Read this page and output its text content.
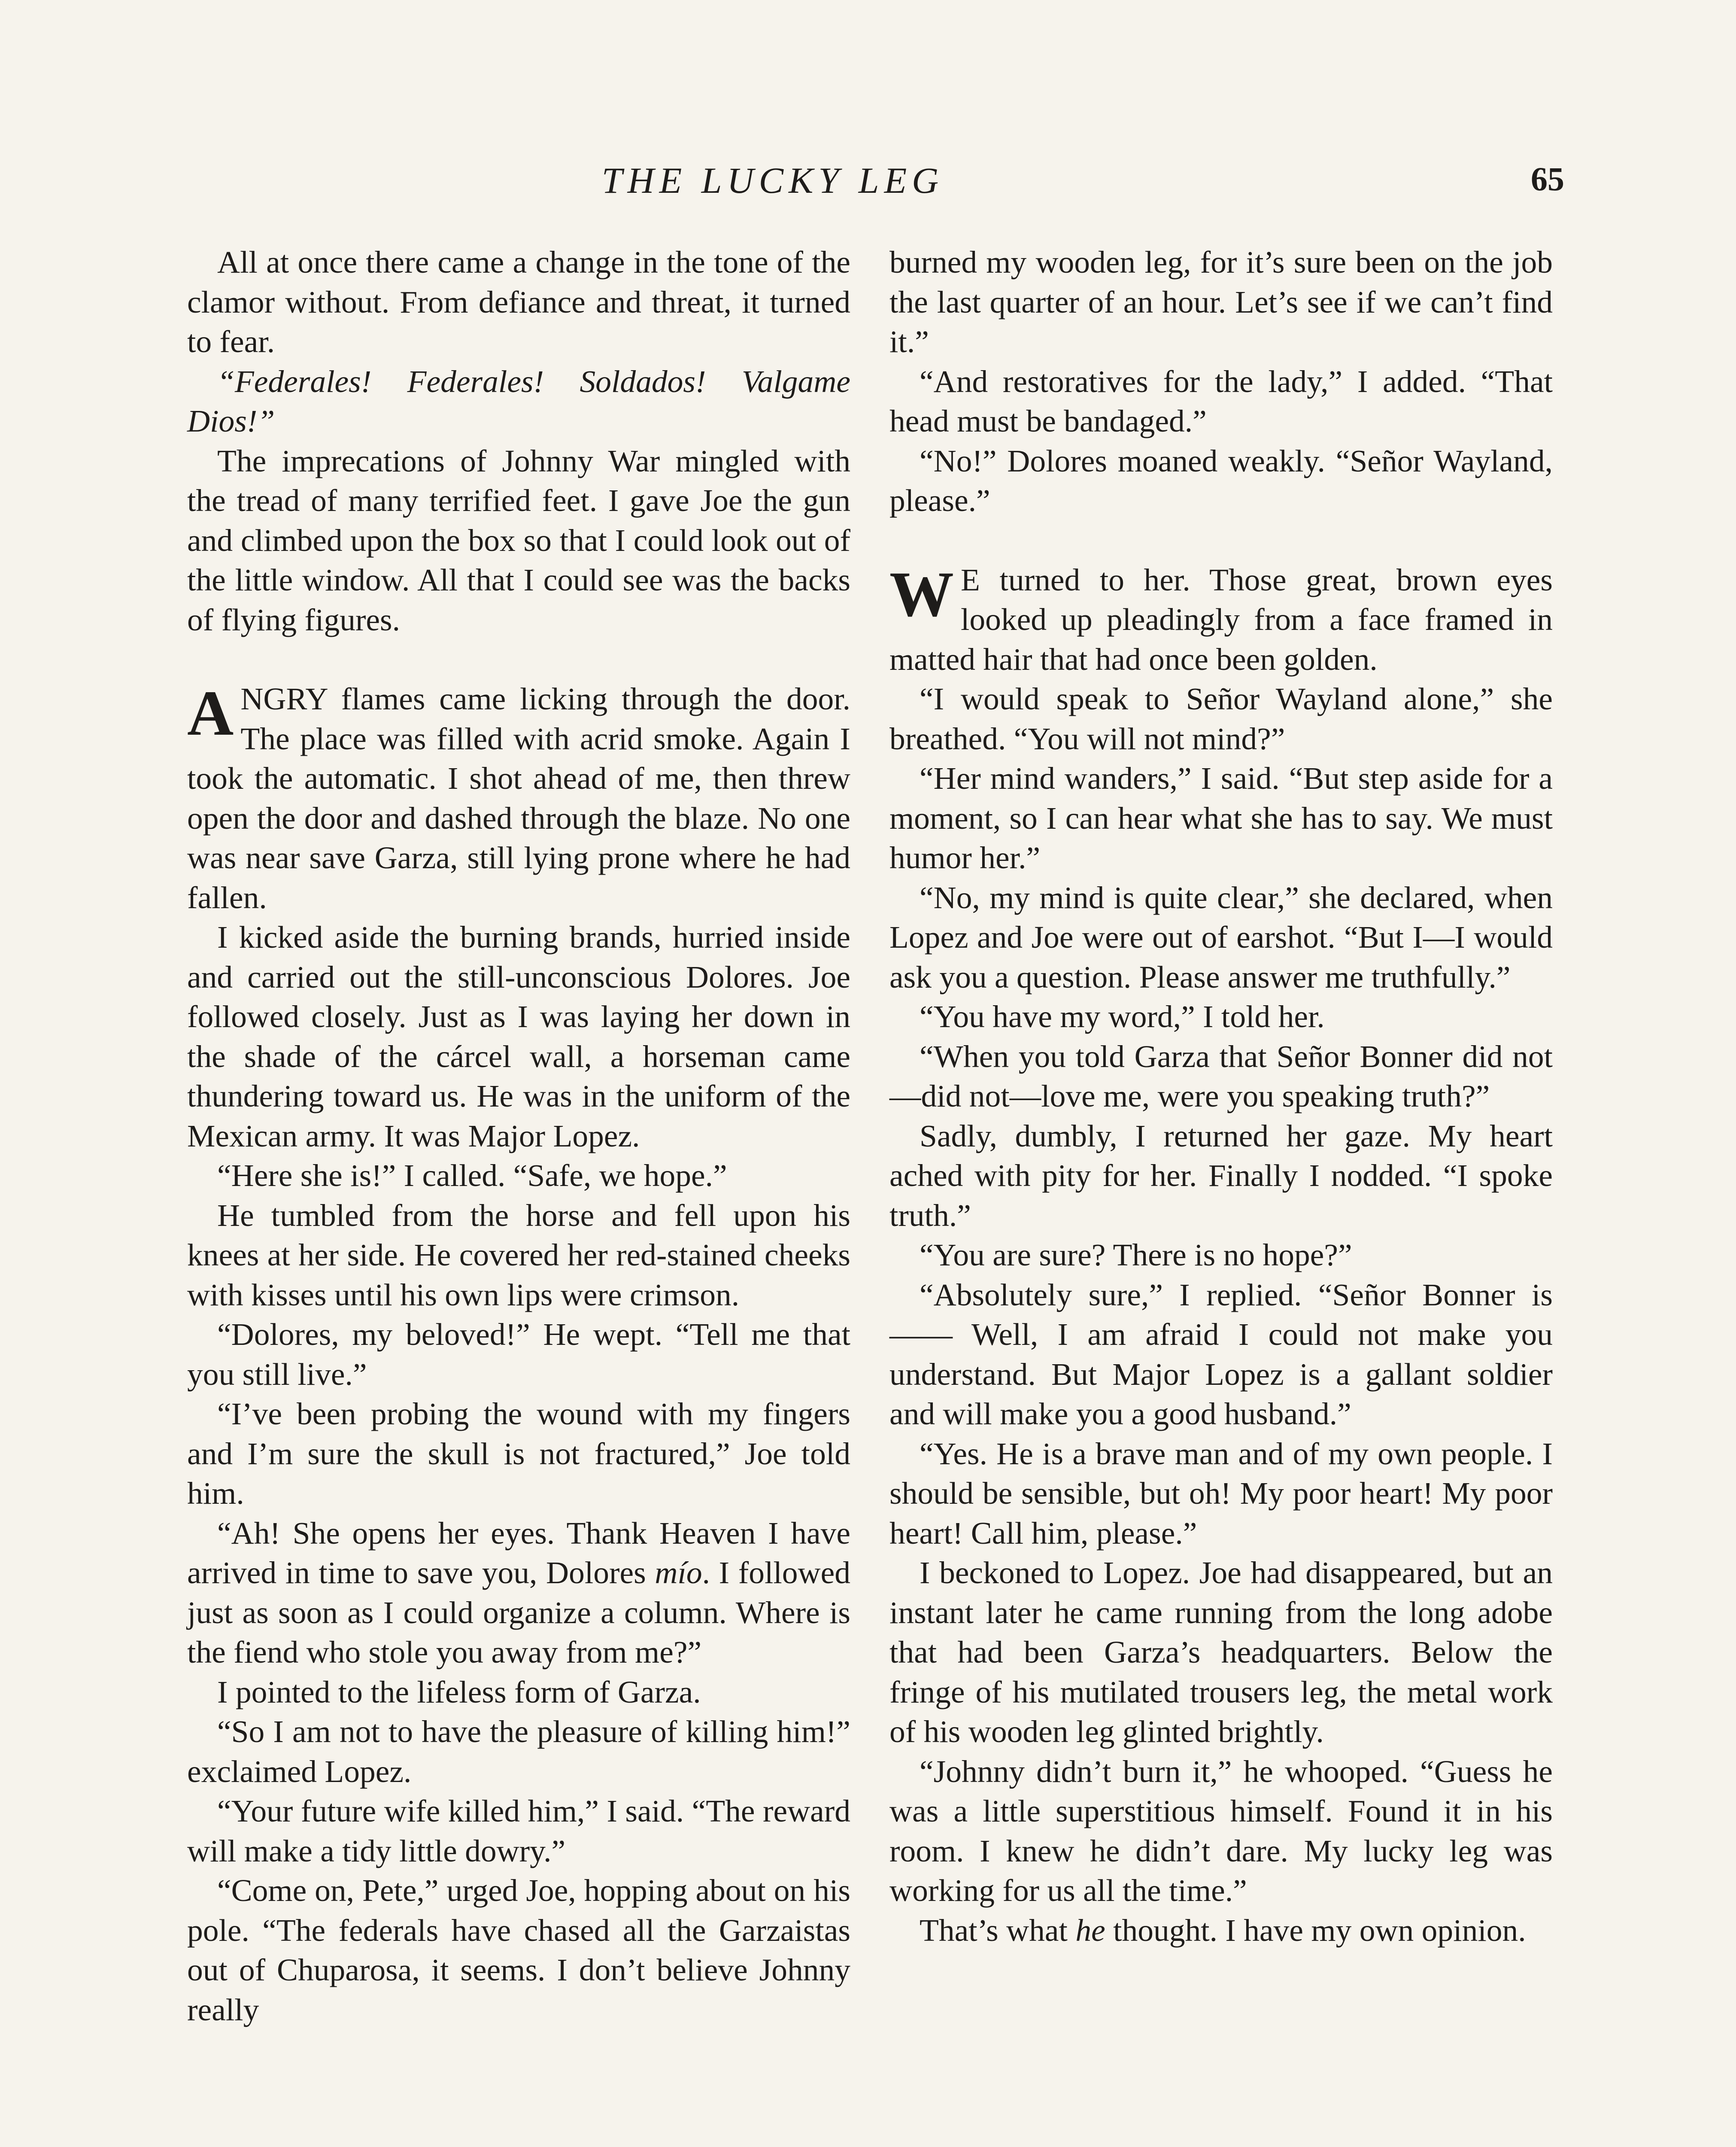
THE LUCKY LEG	65

All at once there came a change in the tone of the clamor without. From defiance and threat, it turned to fear.

“Federales! Federales! Soldados! Valgame Dios!”

The imprecations of Johnny War mingled with the tread of many terrified feet. I gave Joe the gun and climbed upon the box so that I could look out of the little window. All that I could see was the backs of flying figures.

ANGRY flames came licking through the door. The place was filled with acrid smoke. Again I took the automatic. I shot ahead of me, then threw open the door and dashed through the blaze. No one was near save Garza, still lying prone where he had fallen.

I kicked aside the burning brands, hurried inside and carried out the still-unconscious Dolores. Joe followed closely. Just as I was laying her down in the shade of the cárcel wall, a horseman came thundering toward us. He was in the uniform of the Mexican army. It was Major Lopez.

“Here she is!” I called. “Safe, we hope.”

He tumbled from the horse and fell upon his knees at her side. He covered her red-stained cheeks with kisses until his own lips were crimson.

“Dolores, my beloved!” He wept. “Tell me that you still live.”

“I’ve been probing the wound with my fingers and I’m sure the skull is not fractured,” Joe told him.

“Ah! She opens her eyes. Thank Heaven I have arrived in time to save you, Dolores mío. I followed just as soon as I could organize a column. Where is the fiend who stole you away from me?”

I pointed to the lifeless form of Garza.

“So I am not to have the pleasure of killing him!” exclaimed Lopez.

“Your future wife killed him,” I said. “The reward will make a tidy little dowry.”

“Come on, Pete,” urged Joe, hopping about on his pole. “The federals have chased all the Garzaistas out of Chuparosa, it seems. I don’t believe Johnny really

burned my wooden leg, for it’s sure been on the job the last quarter of an hour. Let’s see if we can’t find it.”

“And restoratives for the lady,” I added. “That head must be bandaged.”

“No!” Dolores moaned weakly. “Señor Wayland, please.”

W E turned to her. Those great, brown eyes looked up pleadingly from a face framed in matted hair that had once been golden.

“I would speak to Señor Wayland alone,” she breathed. “You will not mind?”

“Her mind wanders,” I said. “But step aside for a moment, so I can hear what she has to say. We must humor her.”

“No, my mind is quite clear,” she declared, when Lopez and Joe were out of earshot. “But I—I would ask you a question. Please answer me truthfully.”

“You have my word,” I told her.

“When you told Garza that Señor Bonner did not—did not—love me, were you speaking truth?”

Sadly, dumbly, I returned her gaze. My heart ached with pity for her. Finally I nodded. “I spoke truth.”

“You are sure? There is no hope?”

“Absolutely sure,” I replied. “Señor Bonner is—— Well, I am afraid I could not make you understand. But Major Lopez is a gallant soldier and will make you a good husband.”

“Yes. He is a brave man and of my own people. I should be sensible, but oh! My poor heart! My poor heart! Call him, please.”

I beckoned to Lopez. Joe had disappeared, but an instant later he came running from the long adobe that had been Garza’s headquarters. Below the fringe of his mutilated trousers leg, the metal work of his wooden leg glinted brightly.

“Johnny didn’t burn it,” he whooped. “Guess he was a little superstitious himself. Found it in his room. I knew he didn’t dare. My lucky leg was working for us all the time.”

That’s what he thought. I have my own opinion.
